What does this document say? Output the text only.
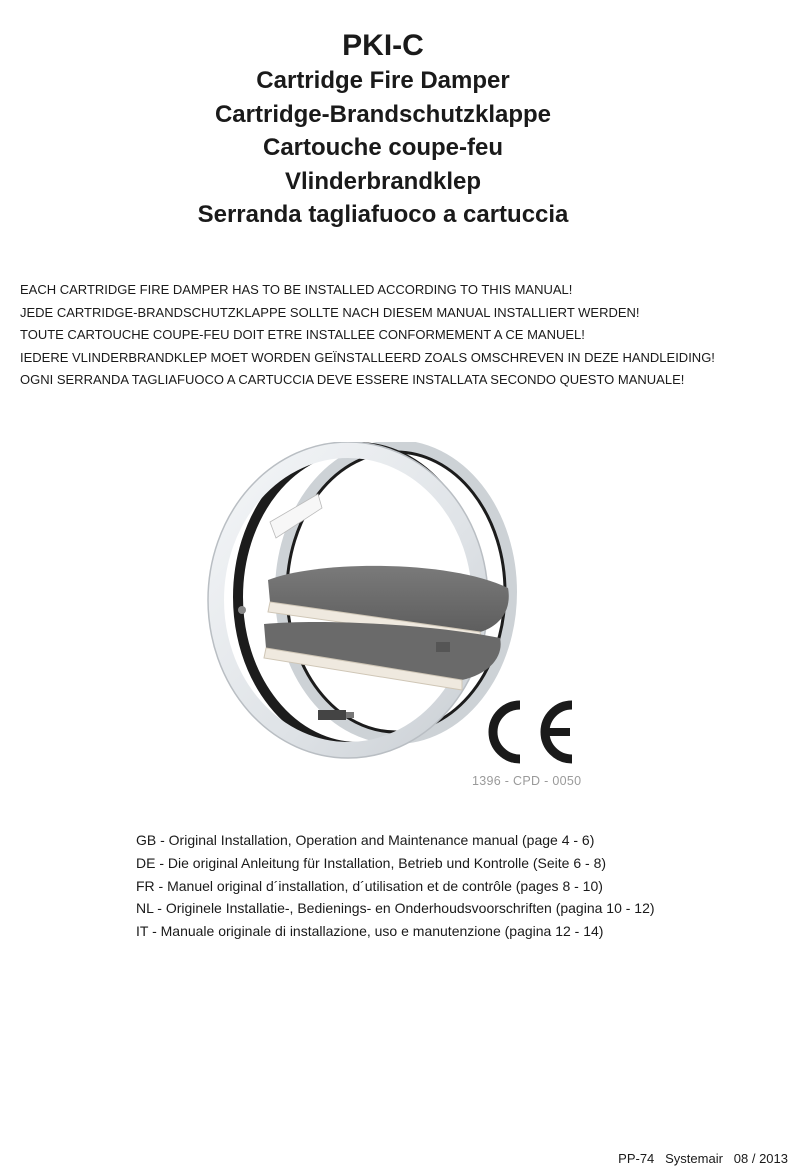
PKI-C
Cartridge Fire Damper
Cartridge-Brandschutzklappe
Cartouche coupe-feu
Vlinderbrandklep
Serranda tagliafuoco a cartuccia
EACH CARTRIDGE FIRE DAMPER HAS TO BE INSTALLED ACCORDING TO THIS MANUAL!
JEDE CARTRIDGE-BRANDSCHUTZKLAPPE SOLLTE NACH DIESEM MANUAL INSTALLIERT WERDEN!
TOUTE CARTOUCHE COUPE-FEU DOIT ETRE INSTALLEE CONFORMEMENT A CE MANUEL!
IEDERE VLINDERBRANDKLEP MOET WORDEN GEÏNSTALLEERD ZOALS OMSCHREVEN IN DEZE HANDLEIDING!
OGNI SERRANDA TAGLIAFUOCO A CARTUCCIA DEVE ESSERE INSTALLATA SECONDO QUESTO MANUALE!
1396 - CPD - 0050
GB - Original Installation, Operation and Maintenance manual (page 4 - 6)
DE - Die original Anleitung für Installation, Betrieb und Kontrolle (Seite 6 - 8)
FR - Manuel original d´installation, d´utilisation et de contrôle (pages 8 - 10)
NL - Originele Installatie-, Bedienings- en Onderhoudsvoorschriften (pagina 10 - 12)
IT - Manuale originale di installazione, uso e manutenzione (pagina 12 - 14)
PP-74 Systemair 08 / 2013
